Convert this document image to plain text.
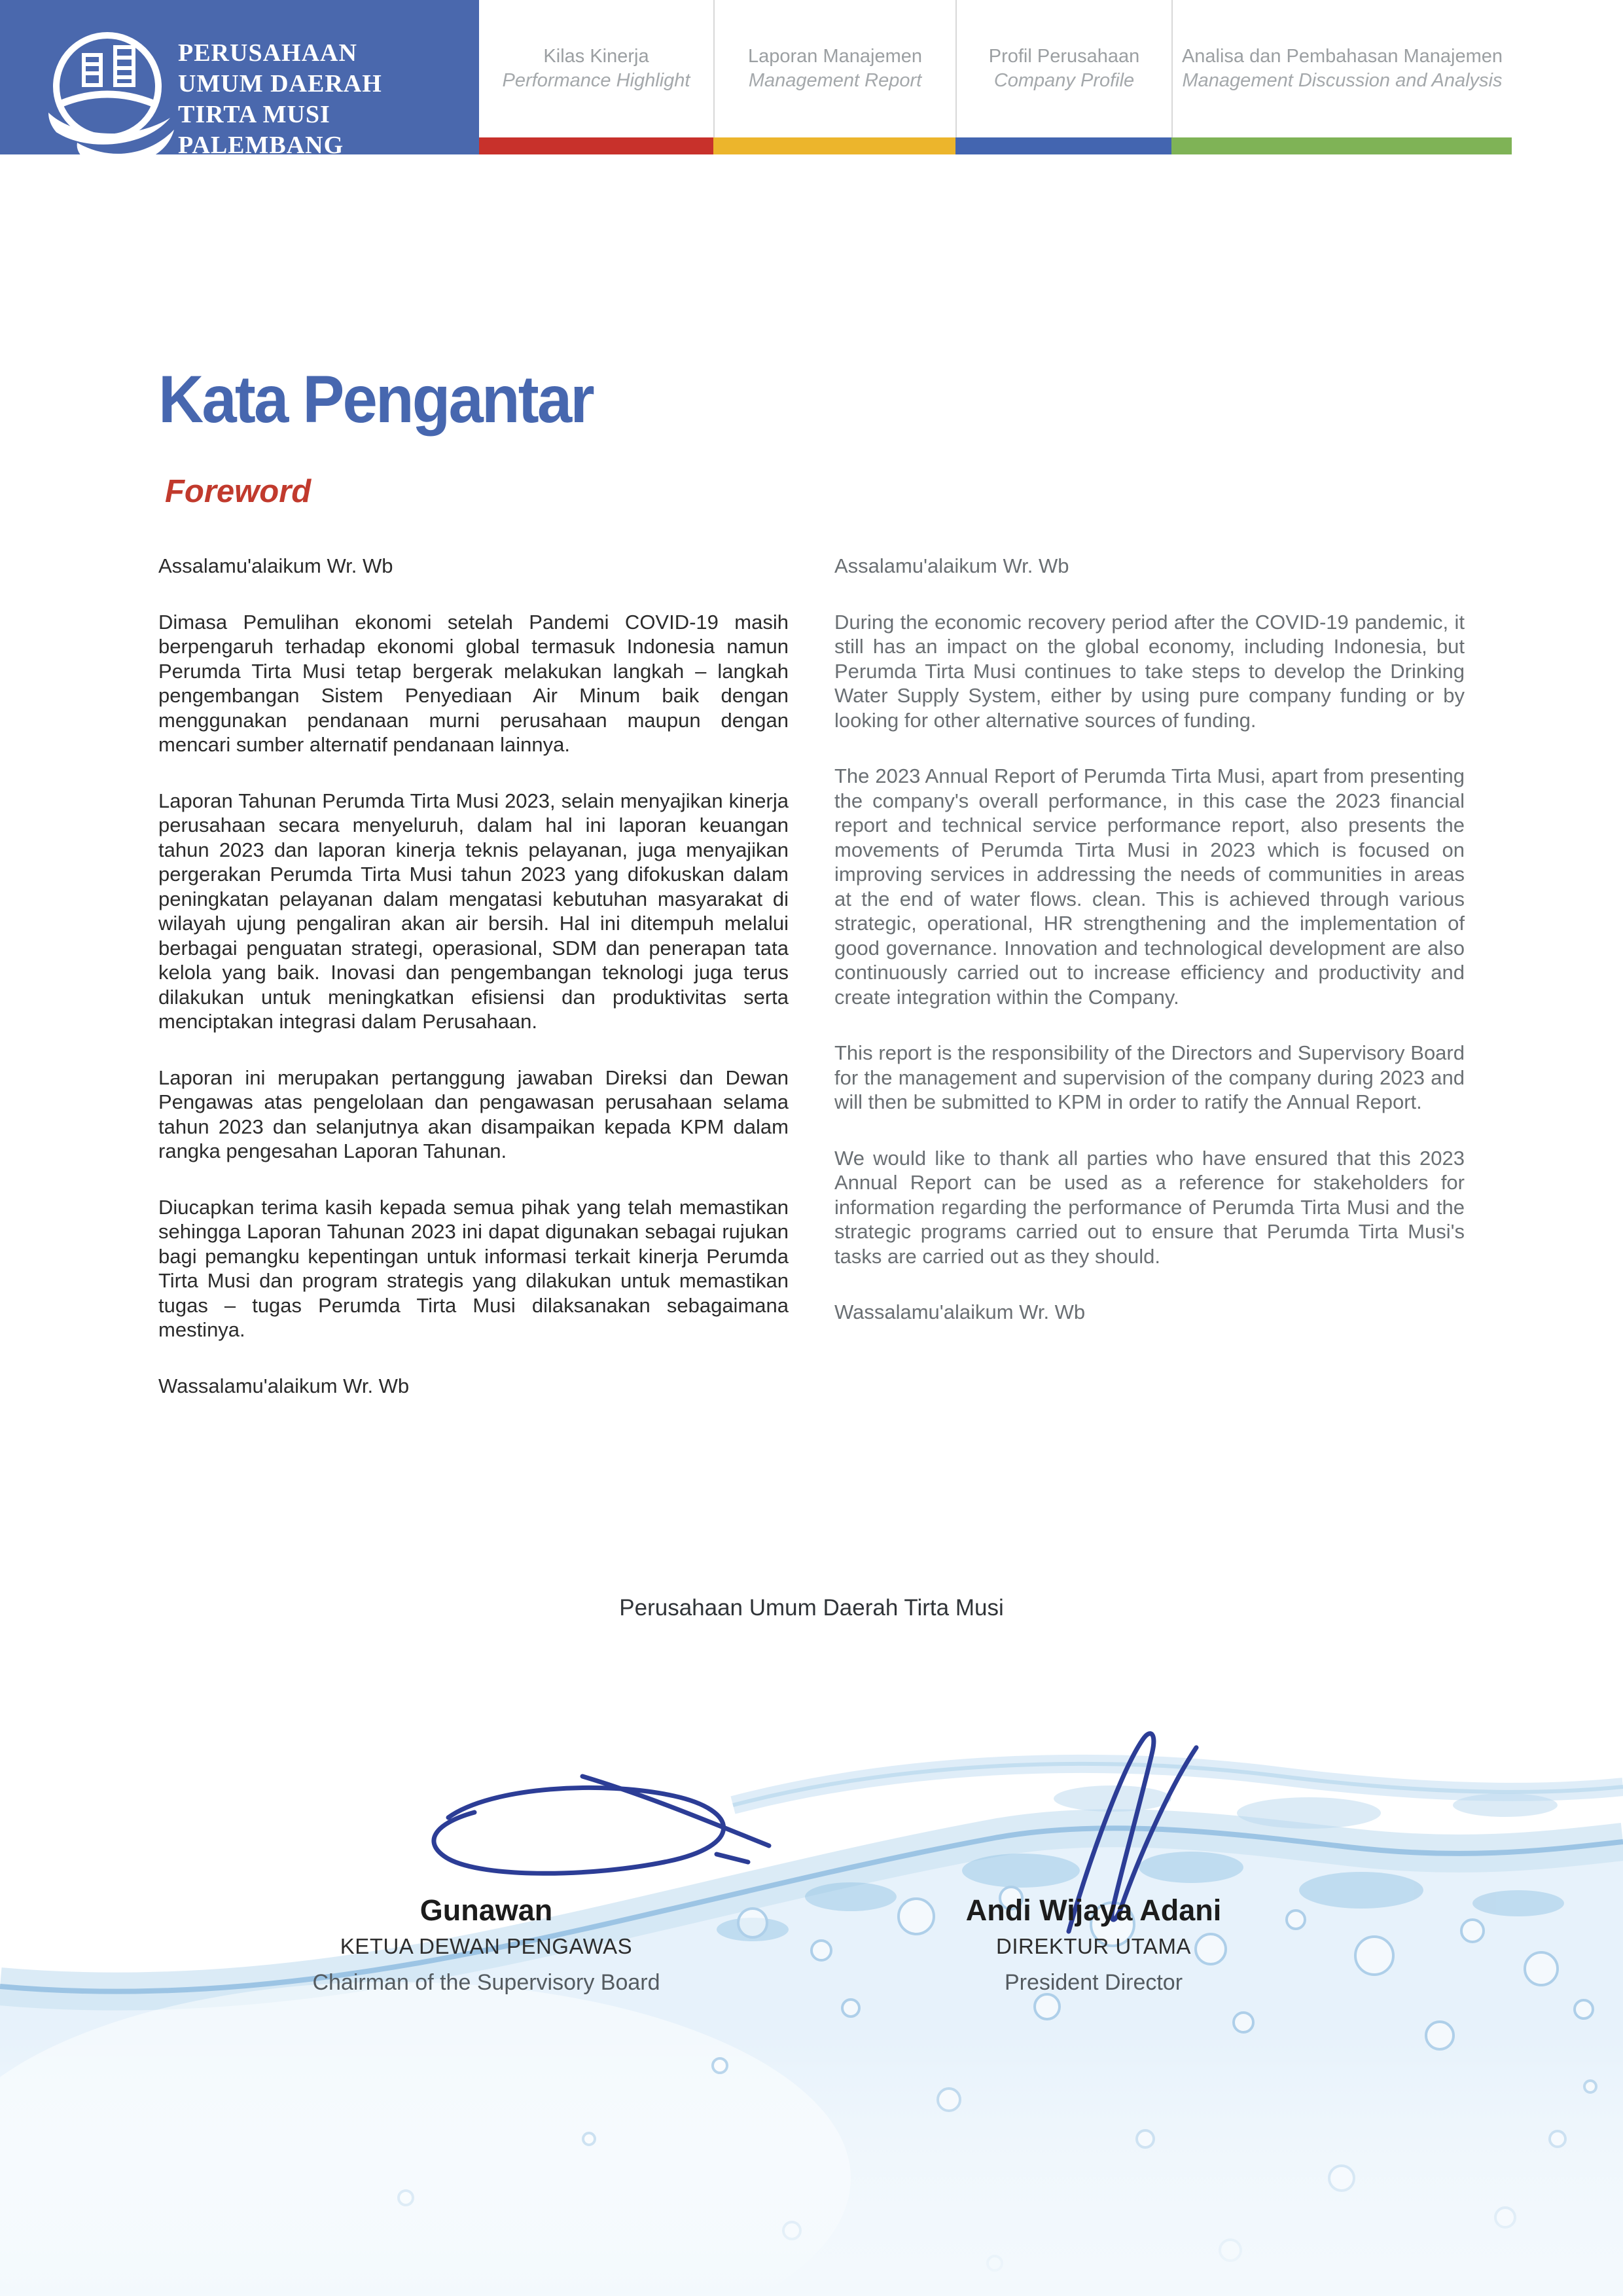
PERUSAHAAN
UMUM DAERAH
TIRTA MUSI PALEMBANG
Kilas Kinerja
Performance Highlight
Laporan Manajemen
Management Report
Profil Perusahaan
Company Profile
Analisa dan Pembahasan Manajemen
Management Discussion and Analysis
Kata Pengantar
Foreword

Assalamu'alaikum Wr. Wb

Dimasa Pemulihan ekonomi setelah Pandemi COVID-19 masih berpengaruh terhadap ekonomi global termasuk Indonesia namun Perumda Tirta Musi tetap bergerak melakukan langkah – langkah pengembangan Sistem Penyediaan Air Minum baik dengan menggunakan pendanaan murni perusahaan maupun dengan mencari sumber alternatif pendanaan lainnya.

Laporan Tahunan Perumda Tirta Musi 2023, selain menyajikan kinerja perusahaan secara menyeluruh, dalam hal ini laporan keuangan tahun 2023 dan laporan kinerja teknis pelayanan, juga menyajikan pergerakan Perumda Tirta Musi tahun 2023 yang difokuskan dalam peningkatan pelayanan dalam mengatasi kebutuhan masyarakat di wilayah ujung pengaliran akan air bersih. Hal ini ditempuh melalui berbagai penguatan strategi, operasional, SDM dan penerapan tata kelola yang baik. Inovasi dan pengembangan teknologi juga terus dilakukan untuk meningkatkan efisiensi dan produktivitas serta menciptakan integrasi dalam Perusahaan.

Laporan ini merupakan pertanggung jawaban Direksi dan Dewan Pengawas atas pengelolaan dan pengawasan perusahaan selama tahun 2023 dan selanjutnya akan disampaikan kepada KPM dalam rangka pengesahan Laporan Tahunan.

Diucapkan terima kasih kepada semua pihak yang telah memastikan sehingga Laporan Tahunan 2023 ini dapat digunakan sebagai rujukan bagi pemangku kepentingan untuk informasi terkait kinerja Perumda Tirta Musi dan program strategis yang dilakukan untuk memastikan tugas – tugas Perumda Tirta Musi dilaksanakan sebagaimana mestinya.

Wassalamu'alaikum Wr. Wb

Assalamu'alaikum Wr. Wb

During the economic recovery period after the COVID-19 pandemic, it still has an impact on the global economy, including Indonesia, but Perumda Tirta Musi continues to take steps to develop the Drinking Water Supply System, either by using pure company funding or by looking for other alternative sources of funding.

The 2023 Annual Report of Perumda Tirta Musi, apart from presenting the company's overall performance, in this case the 2023 financial report and technical service performance report, also presents the movements of Perumda Tirta Musi in 2023 which is focused on improving services in addressing the needs of communities in areas at the end of water flows. clean. This is achieved through various strategic, operational, HR strengthening and the implementation of good governance. Innovation and technological development are also continuously carried out to increase efficiency and productivity and create integration within the Company.

This report is the responsibility of the Directors and Supervisory Board for the management and supervision of the company during 2023 and will then be submitted to KPM in order to ratify the Annual Report.

We would like to thank all parties who have ensured that this 2023 Annual Report can be used as a reference for stakeholders for information regarding the performance of Perumda Tirta Musi and the strategic programs carried out to ensure that Perumda Tirta Musi's tasks are carried out as they should.

Wassalamu'alaikum Wr. Wb

Perusahaan Umum Daerah Tirta Musi
Gunawan
KETUA DEWAN PENGAWAS
Chairman of the Supervisory Board
Andi Wijaya Adani
DIREKTUR UTAMA
President Director
